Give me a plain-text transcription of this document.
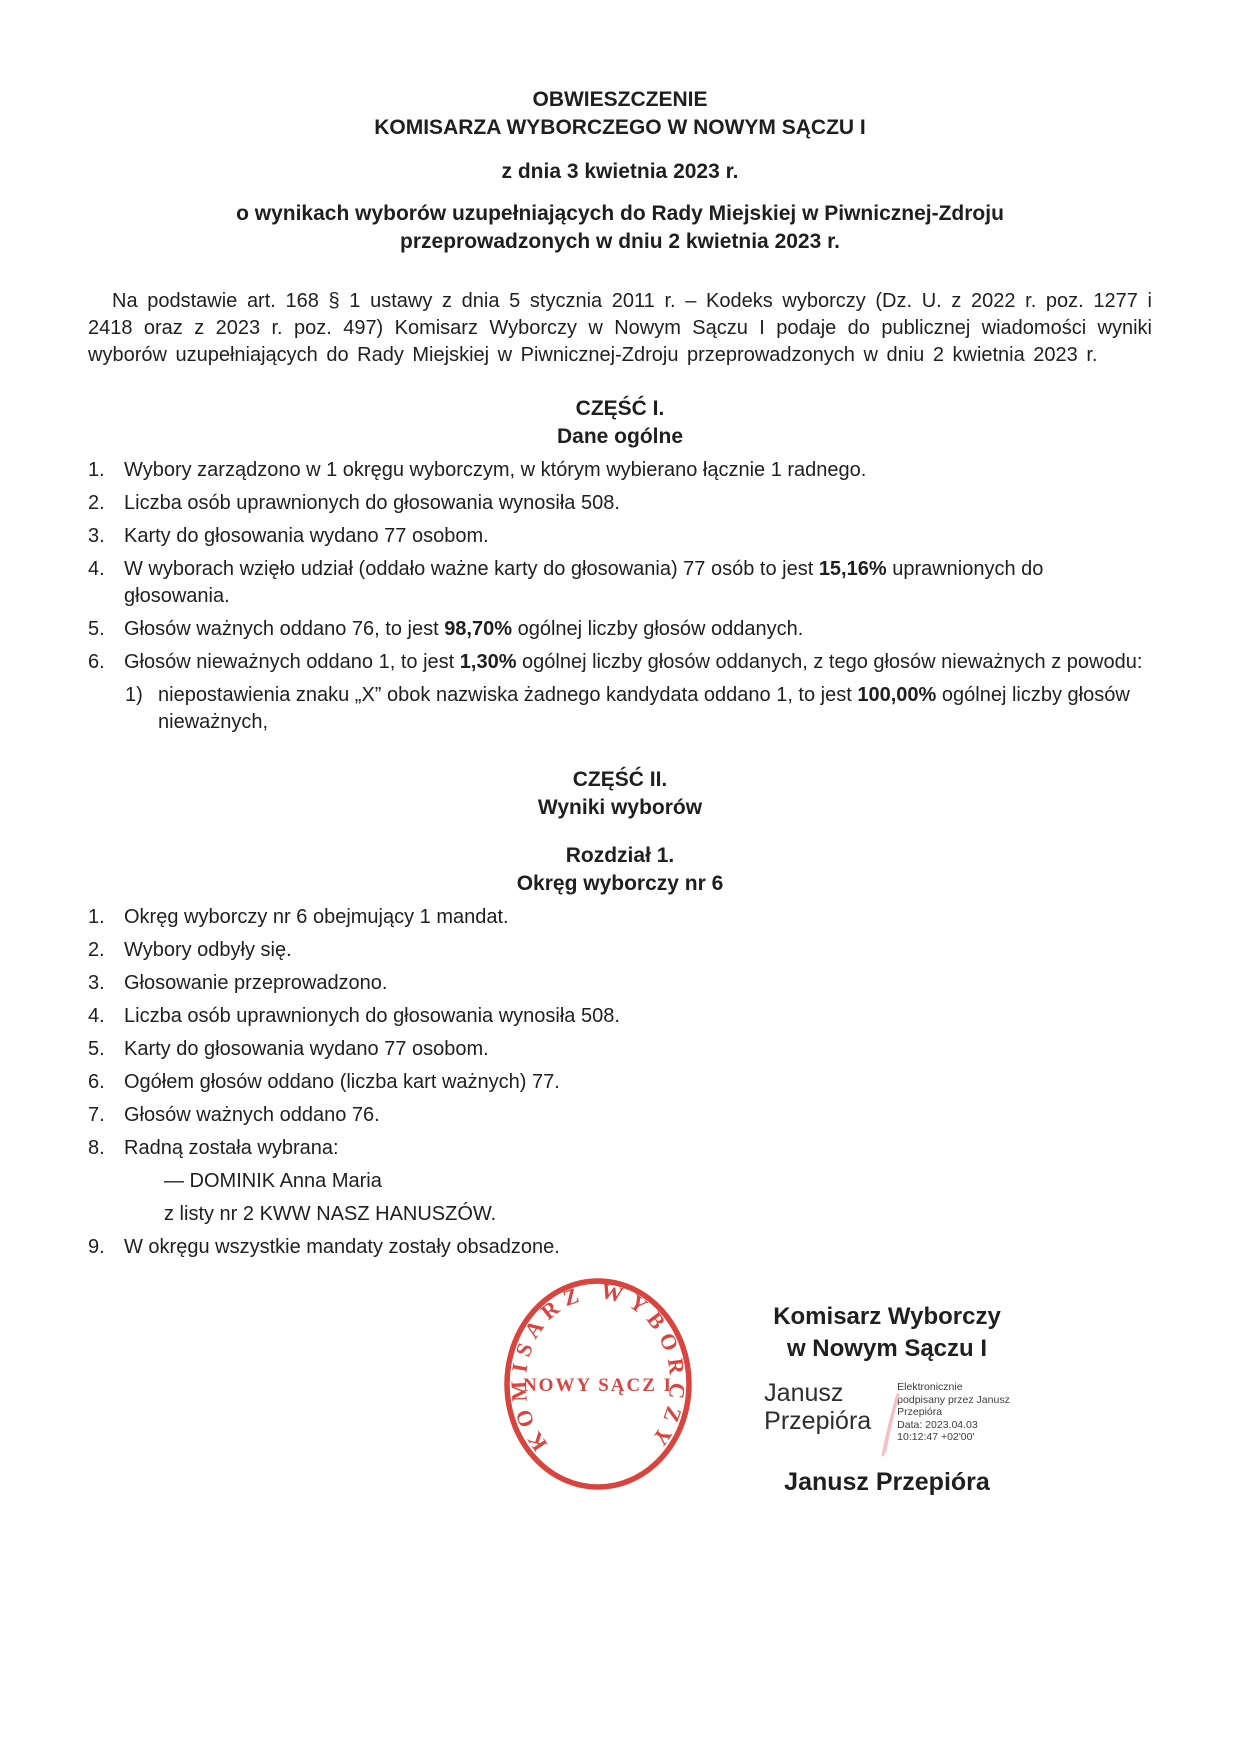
OBWIESZCZENIE
KOMISARZA WYBORCZEGO W NOWYM SĄCZU I
z dnia 3 kwietnia 2023 r.
o wynikach wyborów uzupełniających do Rady Miejskiej w Piwnicznej-Zdroju
przeprowadzonych w dniu 2 kwietnia 2023 r.

Na podstawie art. 168 § 1 ustawy z dnia 5 stycznia 2011 r. – Kodeks wyborczy (Dz. U. z 2022 r. poz. 1277 i 2418 oraz z 2023 r. poz. 497) Komisarz Wyborczy w Nowym Sączu I podaje do publicznej wiadomości wyniki wyborów uzupełniających do Rady Miejskiej w Piwnicznej-Zdroju przeprowadzonych w dniu 2 kwietnia 2023 r.

CZĘŚĆ I.
Dane ogólne
1. Wybory zarządzono w 1 okręgu wyborczym, w którym wybierano łącznie 1 radnego.
2. Liczba osób uprawnionych do głosowania wynosiła 508.
3. Karty do głosowania wydano 77 osobom.
4. W wyborach wzięło udział (oddało ważne karty do głosowania) 77 osób to jest 15,16% uprawnionych do głosowania.
5. Głosów ważnych oddano 76, to jest 98,70% ogólnej liczby głosów oddanych.
6. Głosów nieważnych oddano 1, to jest 1,30% ogólnej liczby głosów oddanych, z tego głosów nieważnych z powodu:
1) niepostawienia znaku „X” obok nazwiska żadnego kandydata oddano 1, to jest 100,00% ogólnej liczby głosów nieważnych,
CZĘŚĆ II.
Wyniki wyborów
Rozdział 1.
Okręg wyborczy nr 6
1. Okręg wyborczy nr 6 obejmujący 1 mandat.
2. Wybory odbyły się.
3. Głosowanie przeprowadzono.
4. Liczba osób uprawnionych do głosowania wynosiła 508.
5. Karty do głosowania wydano 77 osobom.
6. Ogółem głosów oddano (liczba kart ważnych) 77.
7. Głosów ważnych oddano 76.
8. Radną została wybrana:
— DOMINIK Anna Maria
z listy nr 2 KWW NASZ HANUSZÓW.
9. W okręgu wszystkie mandaty zostały obsadzone.
KOMISARZ WYBORCZY
NOWY SĄCZ I
Komisarz Wyborczy
w Nowym Sączu I
Janusz
Przepióra
Elektronicznie
podpisany przez Janusz
Przepióra
Data: 2023.04.03
10:12:47 +02'00'
Janusz Przepióra
